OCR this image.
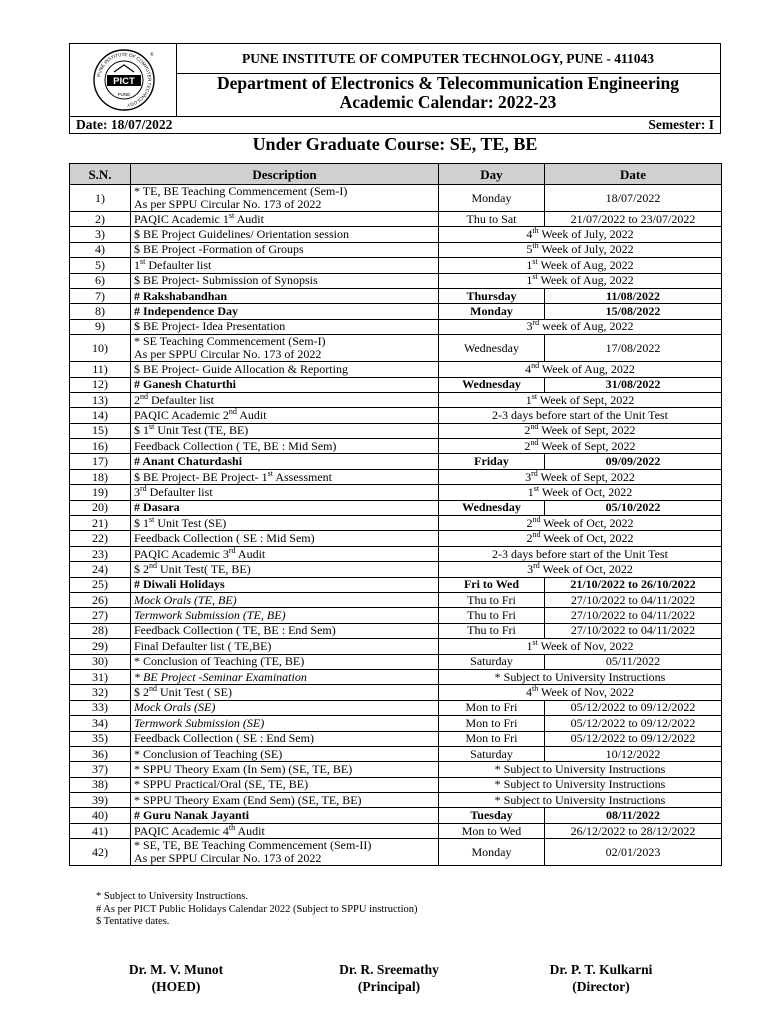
PUNE INSTITUTE OF COMPUTER TECHNOLOGY
PICT
PUNE
®	PUNE INSTITUTE OF COMPUTER TECHNOLOGY, PUNE - 411043
Department of Electronics & Telecommunication Engineering
Academic Calendar: 2022-23
Date: 18/07/2022	Semester: I
Under Graduate Course: SE, TE, BE
S.N.	Description	Day	Date
1)	* TE, BE Teaching Commencement (Sem-I)
As per SPPU Circular No. 173 of 2022	Monday	18/07/2022
2)	PAQIC Academic 1st Audit	Thu to Sat	21/07/2022 to 23/07/2022
3)	$ BE Project Guidelines/ Orientation session	4th Week of July, 2022	
4)	$ BE Project -Formation of Groups	5th Week of July, 2022	
5)	1st Defaulter list	1st Week of Aug, 2022	
6)	$ BE Project- Submission of Synopsis	1st Week of Aug, 2022	
7)	# Rakshabandhan	Thursday	11/08/2022
8)	# Independence Day	Monday	15/08/2022
9)	$ BE Project- Idea Presentation	3rd week of Aug, 2022	
10)	* SE Teaching Commencement (Sem-I)
As per SPPU Circular No. 173 of 2022	Wednesday	17/08/2022
11)	$ BE Project- Guide Allocation & Reporting	4nd Week of Aug, 2022	
12)	# Ganesh Chaturthi	Wednesday	31/08/2022
13)	2nd Defaulter list	1st Week of Sept, 2022	
14)	PAQIC Academic 2nd Audit	2-3 days before start of the Unit Test	
15)	$ 1st Unit Test (TE, BE)	2nd Week of Sept, 2022	
16)	Feedback Collection ( TE, BE : Mid Sem)	2nd Week of Sept, 2022	
17)	# Anant Chaturdashi	Friday	09/09/2022
18)	$ BE Project- BE Project- 1st Assessment	3rd Week of Sept, 2022	
19)	3rd Defaulter list	1st Week of Oct, 2022	
20)	# Dasara	Wednesday	05/10/2022
21)	$ 1st Unit Test (SE)	2nd Week of Oct, 2022	
22)	Feedback Collection ( SE : Mid Sem)	2nd Week of Oct, 2022	
23)	PAQIC Academic 3rd Audit	2-3 days before start of the Unit Test	
24)	$ 2nd Unit Test( TE, BE)	3rd Week of Oct, 2022	
25)	# Diwali Holidays	Fri to Wed	21/10/2022 to 26/10/2022
26)	Mock Orals (TE, BE)	Thu to Fri	27/10/2022 to 04/11/2022
27)	Termwork Submission (TE, BE)	Thu to Fri	27/10/2022 to 04/11/2022
28)	Feedback Collection ( TE, BE : End Sem)	Thu to Fri	27/10/2022 to 04/11/2022
29)	Final Defaulter list ( TE,BE)	1st Week of Nov, 2022	
30)	* Conclusion of Teaching (TE, BE)	Saturday	05/11/2022
31)	* BE Project -Seminar Examination	* Subject to University Instructions	
32)	$ 2nd Unit Test ( SE)	4th Week of Nov, 2022	
33)	Mock Orals (SE)	Mon to Fri	05/12/2022 to 09/12/2022
34)	Termwork Submission (SE)	Mon to Fri	05/12/2022 to 09/12/2022
35)	Feedback Collection ( SE : End Sem)	Mon to Fri	05/12/2022 to 09/12/2022
36)	* Conclusion of Teaching (SE)	Saturday	10/12/2022
37)	* SPPU Theory Exam (In Sem) (SE, TE, BE)	* Subject to University Instructions	
38)	* SPPU Practical/Oral (SE, TE, BE)	* Subject to University Instructions	
39)	* SPPU Theory Exam (End Sem) (SE, TE, BE)	* Subject to University Instructions	
40)	# Guru Nanak Jayanti	Tuesday	08/11/2022
41)	PAQIC Academic 4th Audit	Mon to Wed	26/12/2022 to 28/12/2022
42)	* SE, TE, BE Teaching Commencement (Sem-II)
As per SPPU Circular No. 173 of 2022	Monday	02/01/2023
* Subject to University Instructions.
# As per PICT Public Holidays Calendar 2022 (Subject to SPPU instruction)
$ Tentative dates.
Dr. M. V. Munot
(HOED)
Dr. R. Sreemathy
(Principal)
Dr. P. T. Kulkarni
(Director)
